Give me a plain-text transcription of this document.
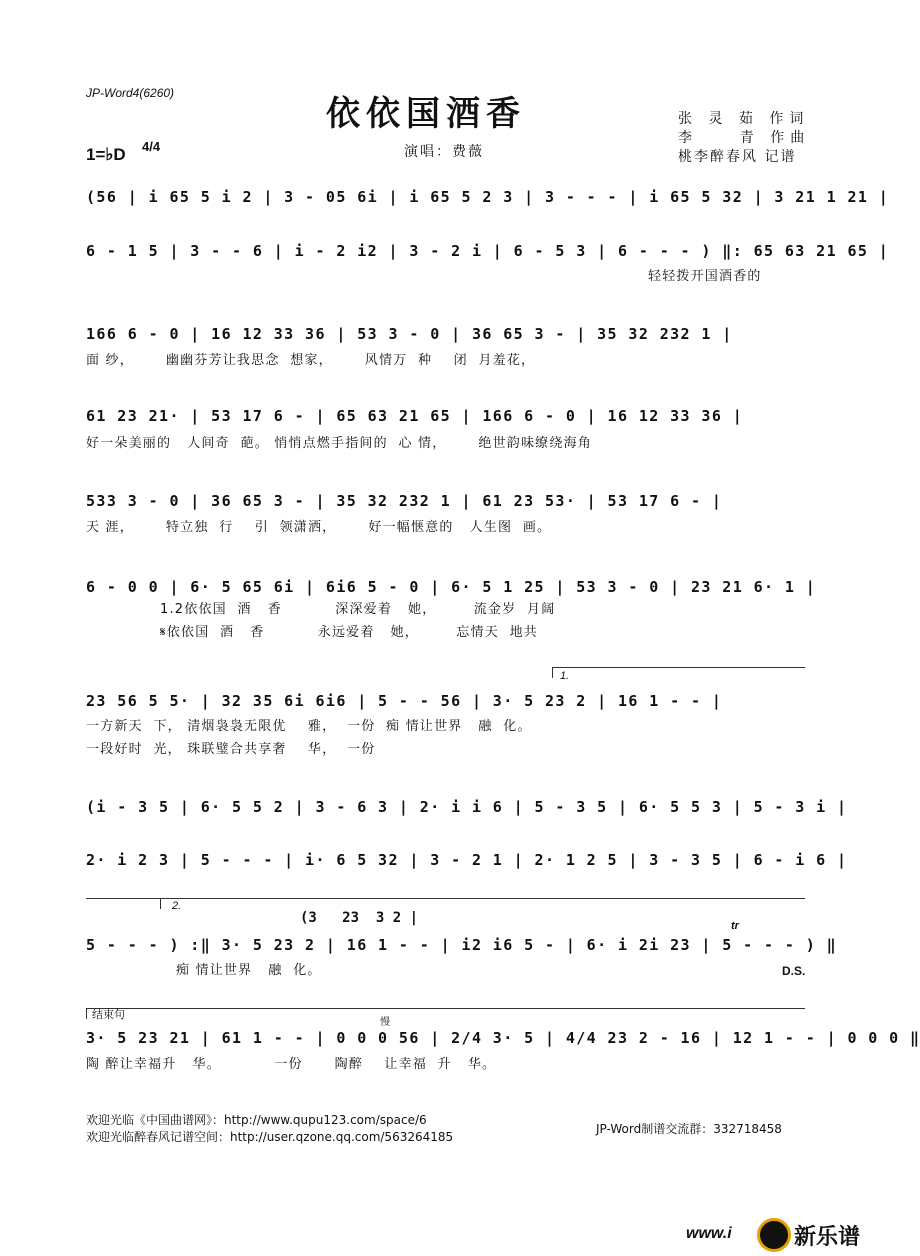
JP-Word4(6260)
依依国酒香
1=♭D 4/4	演唱：费薇
张 灵 茹 作词
李    青 作曲
桃李醉春风 记谱
(56 | i 65 5 i 2 | 3 - 05 6i | i 65 5 2 3 | 3 - - - | i 65 5 32 | 3 21 1 21 |
6 - 1 5 | 3 - - 6 | i - 2 i2 | 3 - 2 i | 6 - 5 3 | 6 - - - ) ‖: 65 63 21 65 |
轻轻拨开国酒香的
166 6 - 0 | 16 12 33 36 | 53 3 - 0 | 36 65 3 - | 35 32 232 1 |
面 纱，      幽幽芬芳让我思念  想家，      风情万  种    闭  月羞花，
61 23 21· | 53 17 6 - | 65 63 21 65 | 166 6 - 0 | 16 12 33 36 |
好一朵美丽的   人间奇  葩。 悄悄点燃手指间的  心 情，      绝世韵味缭绕海角
533 3 - 0 | 36 65 3 - | 35 32 232 1 | 61 23 53· | 53 17 6 - |
天 涯，      特立独  行    引  领潇洒，      好一幅惬意的   人生图  画。
6 - 0 0 | 6· 5 65 6i | 6i6 5 - 0 | 6· 5 1 25 | 53 3 - 0 | 23 21 6· 1 |
1.2依依国  酒   香          深深爱着   她，       流金岁  月阔
𝄋依依国  酒   香          永远爱着   她，       忘情天  地共
1.
23 56 5 5· | 32 35 6i 6i6 | 5 - - 56 | 3· 5 23 2 | 16 1 - - |
一方新天  下， 清烟袅袅无限优    雅，  一份  痴 情让世界   融  化。
一段好时  光， 珠联璧合共享奢    华，  一份
(i - 3 5 | 6· 5 5 2 | 3 - 6 3 | 2· i i 6 | 5 - 3 5 | 6· 5 5 3 | 5 - 3 i |
2· i 2 3 | 5 - - - | i· 6 5 32 | 3 - 2 1 | 2· 1 2 5 | 3 - 3 5 | 6 - i 6 |
2.
(3   23  3 2 |	tr
5 - - - ) :‖ 3· 5 23 2 | 16 1 - - | i2 i6 5 - | 6· i 2i 23 | 5 - - - ) ‖
痴 情让世界   融  化。	D.S.
结束句
慢
3· 5 23 21 | 61 1 - - | 0 0 0 56 | 2/4 3· 5 | 4/4 23 2 - 16 | 12 1 - - | 0 0 0 ‖
陶 醉让幸福升   华。          一份      陶醉    让幸福  升   华。
欢迎光临《中国曲谱网》：http://www.qupu123.com/space/6
欢迎光临醉春风记谱空间：http://user.qzone.qq.com/563264185
JP-Word制谱交流群：332718458
www.i	新乐谱
